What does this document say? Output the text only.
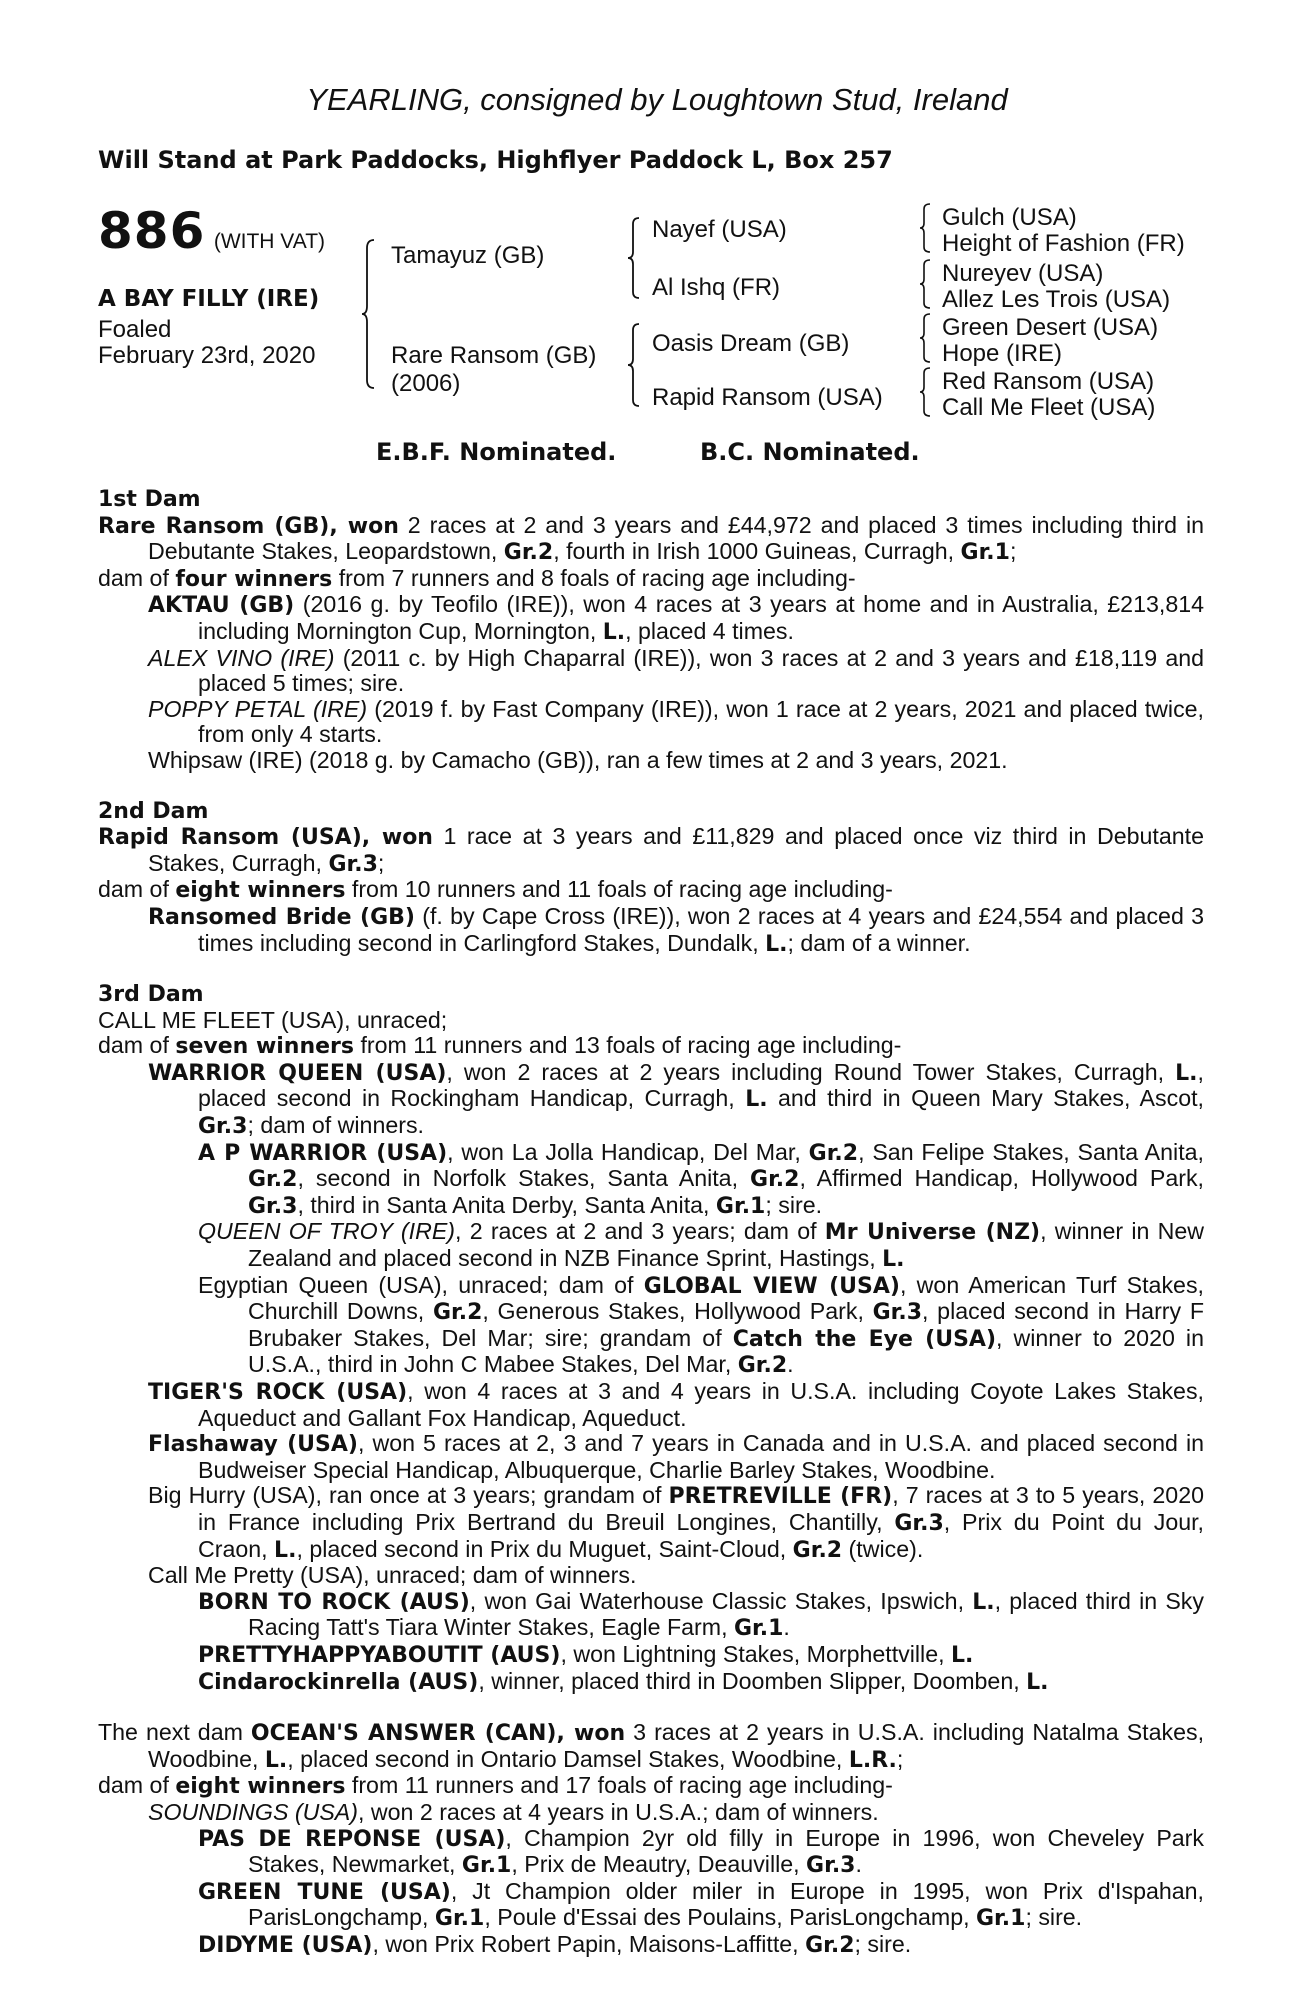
YEARLING, consigned by Loughtown Stud, Ireland
Will Stand at Park Paddocks, Highflyer Paddock L, Box 257
886 (WITH VAT)
A BAY FILLY (IRE)
Foaled
February 23rd, 2020
Tamayuz (GB)
Rare Ransom (GB)
(2006)
Nayef (USA)
Al Ishq (FR)
Oasis Dream (GB)
Rapid Ransom (USA)
Gulch (USA)
Height of Fashion (FR)
Nureyev (USA)
Allez Les Trois (USA)
Green Desert (USA)
Hope (IRE)
Red Ransom (USA)
Call Me Fleet (USA)
E.B.F. Nominated.	B.C. Nominated.
1st Dam
Rare Ransom (GB), won 2 races at 2 and 3 years and £44,972 and placed 3 times including third in Debutante Stakes, Leopardstown, Gr.2, fourth in Irish 1000 Guineas, Curragh, Gr.1;
dam of four winners from 7 runners and 8 foals of racing age including-
AKTAU (GB) (2016 g. by Teofilo (IRE)), won 4 races at 3 years at home and in Australia, £213,814 including Mornington Cup, Mornington, L., placed 4 times.
ALEX VINO (IRE) (2011 c. by High Chaparral (IRE)), won 3 races at 2 and 3 years and £18,119 and placed 5 times; sire.
POPPY PETAL (IRE) (2019 f. by Fast Company (IRE)), won 1 race at 2 years, 2021 and placed twice, from only 4 starts.
Whipsaw (IRE) (2018 g. by Camacho (GB)), ran a few times at 2 and 3 years, 2021.
2nd Dam
Rapid Ransom (USA), won 1 race at 3 years and £11,829 and placed once viz third in Debutante Stakes, Curragh, Gr.3;
dam of eight winners from 10 runners and 11 foals of racing age including-
Ransomed Bride (GB) (f. by Cape Cross (IRE)), won 2 races at 4 years and £24,554 and placed 3 times including second in Carlingford Stakes, Dundalk, L.; dam of a winner.
3rd Dam
CALL ME FLEET (USA), unraced;
dam of seven winners from 11 runners and 13 foals of racing age including-
WARRIOR QUEEN (USA), won 2 races at 2 years including Round Tower Stakes, Curragh, L., placed second in Rockingham Handicap, Curragh, L. and third in Queen Mary Stakes, Ascot, Gr.3; dam of winners.
A P WARRIOR (USA), won La Jolla Handicap, Del Mar, Gr.2, San Felipe Stakes, Santa Anita, Gr.2, second in Norfolk Stakes, Santa Anita, Gr.2, Affirmed Handicap, Hollywood Park, Gr.3, third in Santa Anita Derby, Santa Anita, Gr.1; sire.
QUEEN OF TROY (IRE), 2 races at 2 and 3 years; dam of Mr Universe (NZ), winner in New Zealand and placed second in NZB Finance Sprint, Hastings, L.
Egyptian Queen (USA), unraced; dam of GLOBAL VIEW (USA), won American Turf Stakes, Churchill Downs, Gr.2, Generous Stakes, Hollywood Park, Gr.3, placed second in Harry F Brubaker Stakes, Del Mar; sire; grandam of Catch the Eye (USA), winner to 2020 in U.S.A., third in John C Mabee Stakes, Del Mar, Gr.2.
TIGER'S ROCK (USA), won 4 races at 3 and 4 years in U.S.A. including Coyote Lakes Stakes, Aqueduct and Gallant Fox Handicap, Aqueduct.
Flashaway (USA), won 5 races at 2, 3 and 7 years in Canada and in U.S.A. and placed second in Budweiser Special Handicap, Albuquerque, Charlie Barley Stakes, Woodbine.
Big Hurry (USA), ran once at 3 years; grandam of PRETREVILLE (FR), 7 races at 3 to 5 years, 2020 in France including Prix Bertrand du Breuil Longines, Chantilly, Gr.3, Prix du Point du Jour, Craon, L., placed second in Prix du Muguet, Saint-Cloud, Gr.2 (twice).
Call Me Pretty (USA), unraced; dam of winners.
BORN TO ROCK (AUS), won Gai Waterhouse Classic Stakes, Ipswich, L., placed third in Sky Racing Tatt's Tiara Winter Stakes, Eagle Farm, Gr.1.
PRETTYHAPPYABOUTIT (AUS), won Lightning Stakes, Morphettville, L.
Cindarockinrella (AUS), winner, placed third in Doomben Slipper, Doomben, L.
The next dam OCEAN'S ANSWER (CAN), won 3 races at 2 years in U.S.A. including Natalma Stakes, Woodbine, L., placed second in Ontario Damsel Stakes, Woodbine, L.R.;
dam of eight winners from 11 runners and 17 foals of racing age including-
SOUNDINGS (USA), won 2 races at 4 years in U.S.A.; dam of winners.
PAS DE REPONSE (USA), Champion 2yr old filly in Europe in 1996, won Cheveley Park Stakes, Newmarket, Gr.1, Prix de Meautry, Deauville, Gr.3.
GREEN TUNE (USA), Jt Champion older miler in Europe in 1995, won Prix d'Ispahan, ParisLongchamp, Gr.1, Poule d'Essai des Poulains, ParisLongchamp, Gr.1; sire.
DIDYME (USA), won Prix Robert Papin, Maisons-Laffitte, Gr.2; sire.
